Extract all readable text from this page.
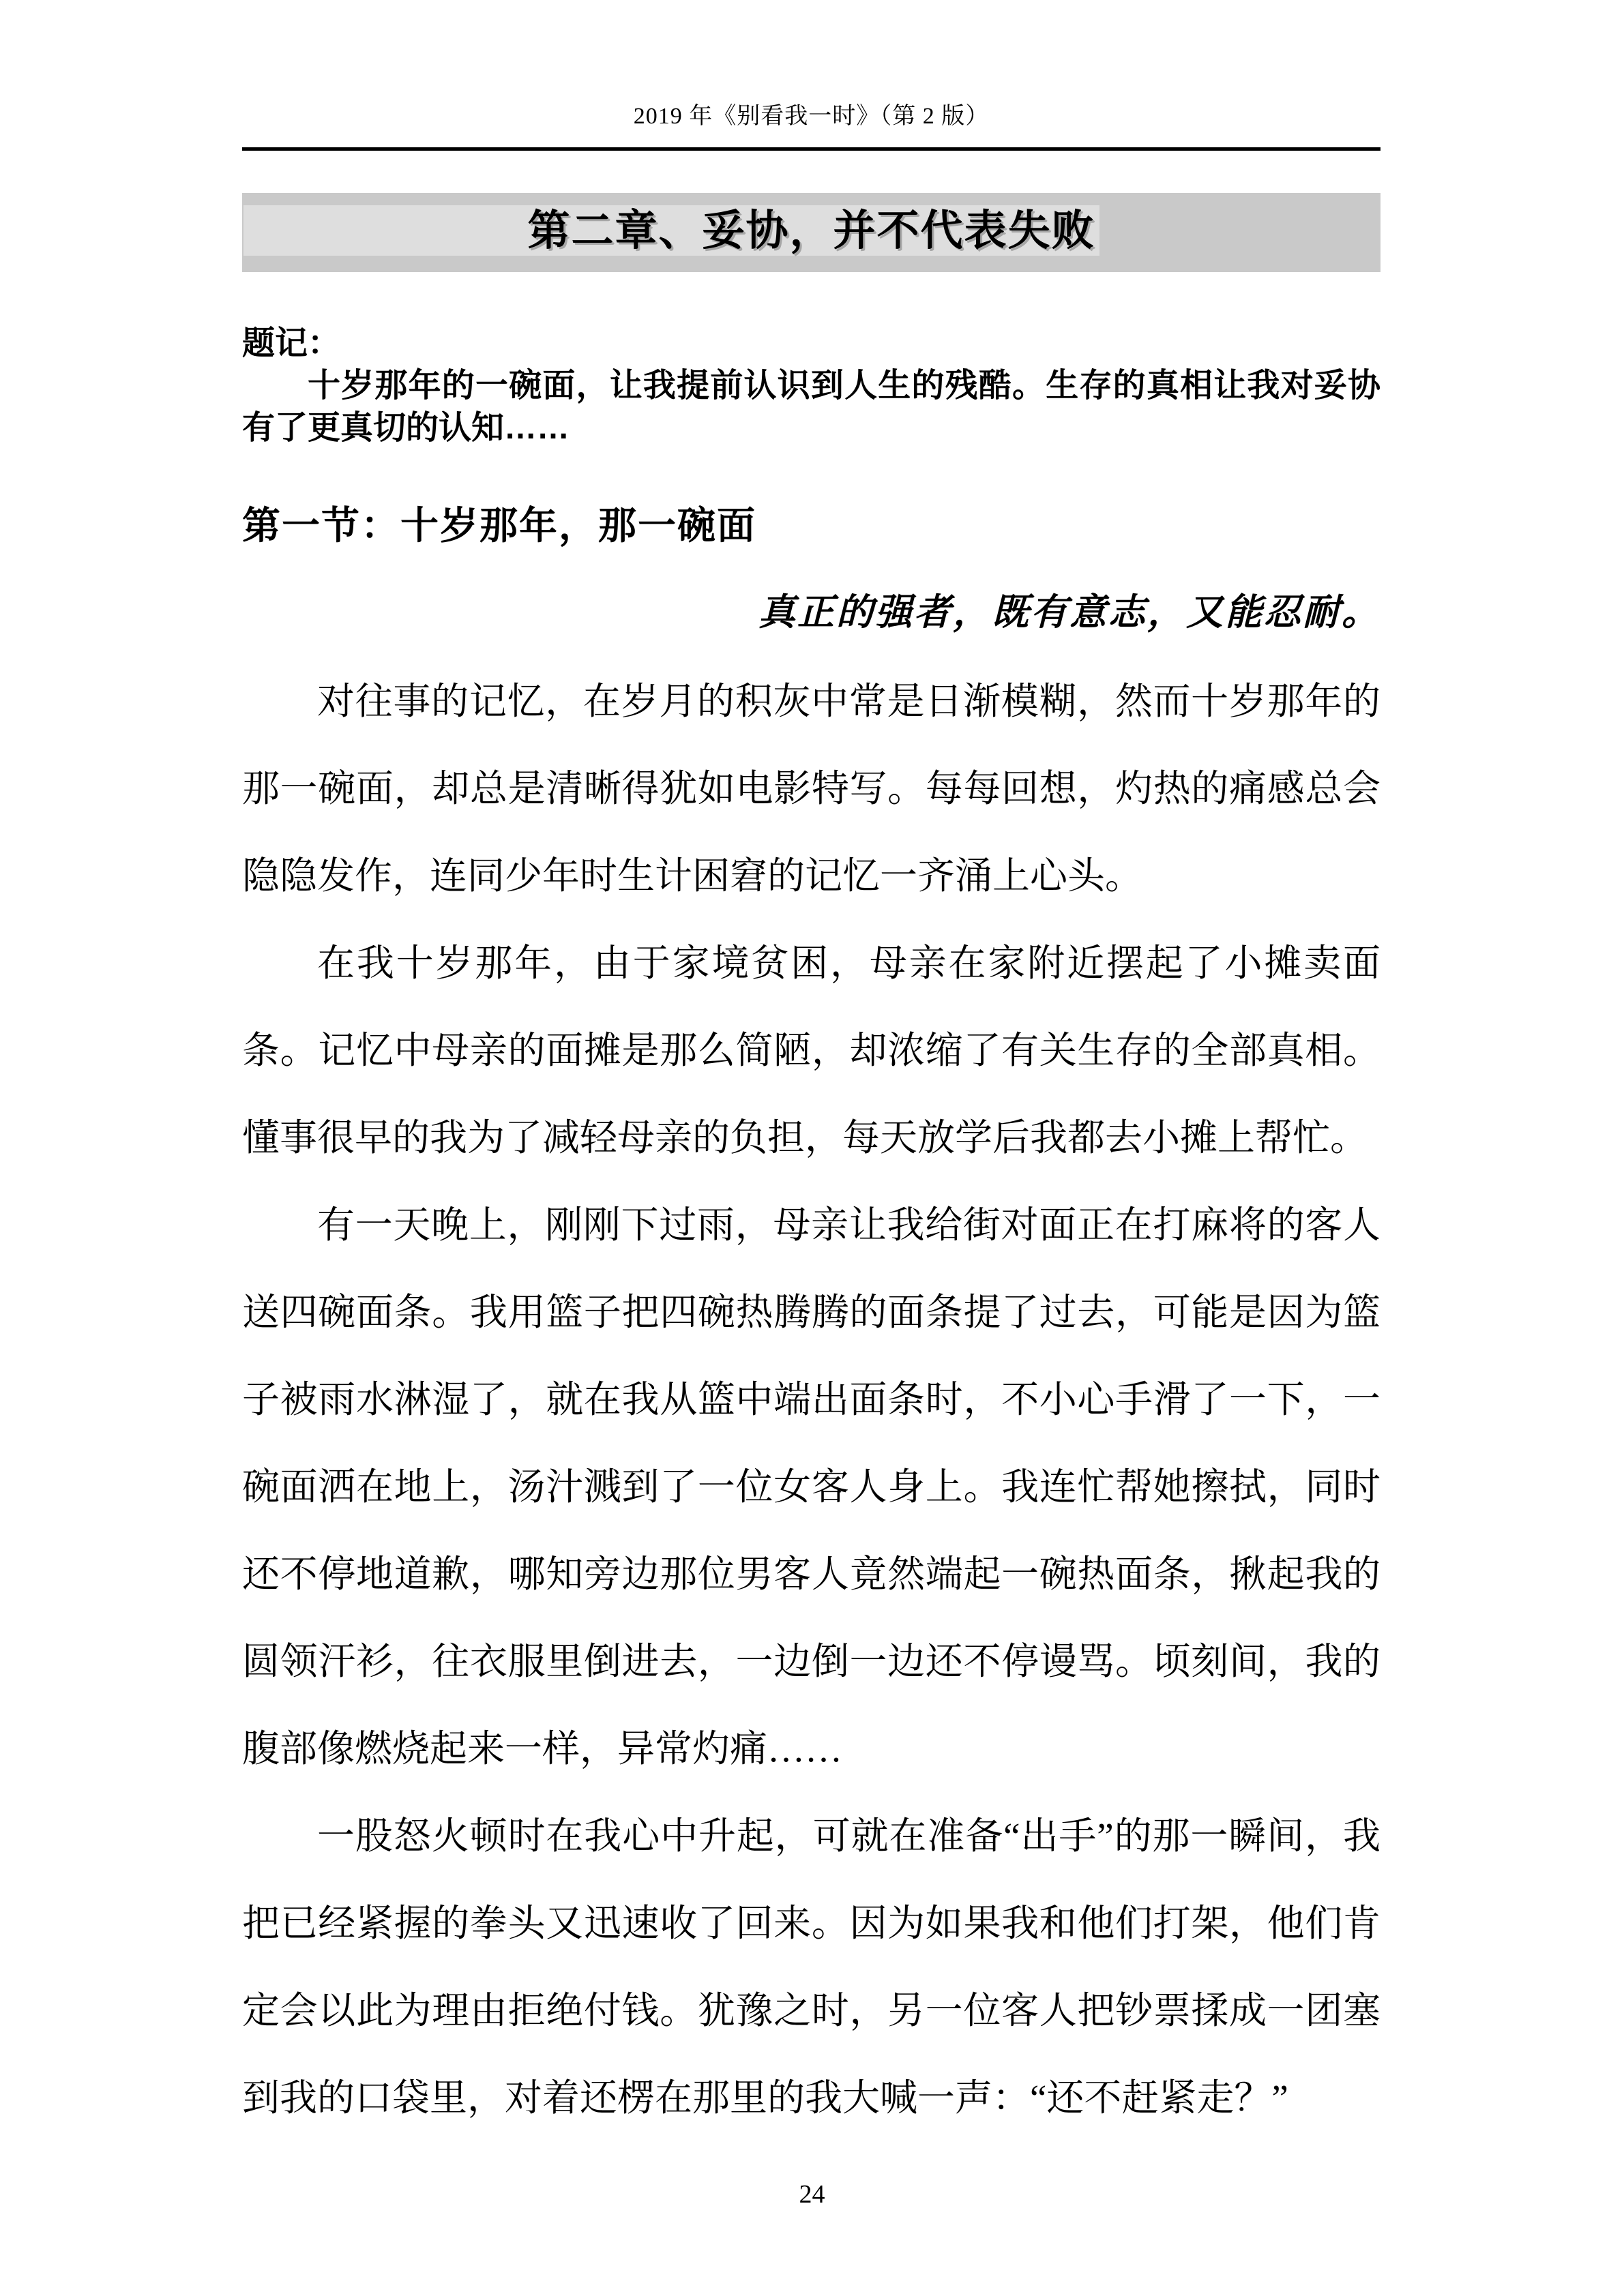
2019 年《别看我一时》（第 2 版）
第二章、妥协，并不代表失败
题记：

十岁那年的一碗面，让我提前认识到人生的残酷。生存的真相让我对妥协有了更真切的认知……

第一节：十岁那年，那一碗面
真正的强者，既有意志，又能忍耐。

对往事的记忆，在岁月的积灰中常是日渐模糊，然而十岁那年的那一碗面，却总是清晰得犹如电影特写。每每回想，灼热的痛感总会隐隐发作，连同少年时生计困窘的记忆一齐涌上心头。

在我十岁那年，由于家境贫困，母亲在家附近摆起了小摊卖面条。记忆中母亲的面摊是那么简陋，却浓缩了有关生存的全部真相。懂事很早的我为了减轻母亲的负担，每天放学后我都去小摊上帮忙。

有一天晚上，刚刚下过雨，母亲让我给街对面正在打麻将的客人送四碗面条。我用篮子把四碗热腾腾的面条提了过去，可能是因为篮子被雨水淋湿了，就在我从篮中端出面条时，不小心手滑了一下，一碗面洒在地上，汤汁溅到了一位女客人身上。我连忙帮她擦拭，同时还不停地道歉，哪知旁边那位男客人竟然端起一碗热面条，揪起我的圆领汗衫，往衣服里倒进去，一边倒一边还不停谩骂。顷刻间，我的腹部像燃烧起来一样，异常灼痛……

一股怒火顿时在我心中升起，可就在准备“出手”的那一瞬间，我把已经紧握的拳头又迅速收了回来。因为如果我和他们打架，他们肯定会以此为理由拒绝付钱。犹豫之时，另一位客人把钞票揉成一团塞到我的口袋里，对着还楞在那里的我大喊一声：“还不赶紧走？”

24
